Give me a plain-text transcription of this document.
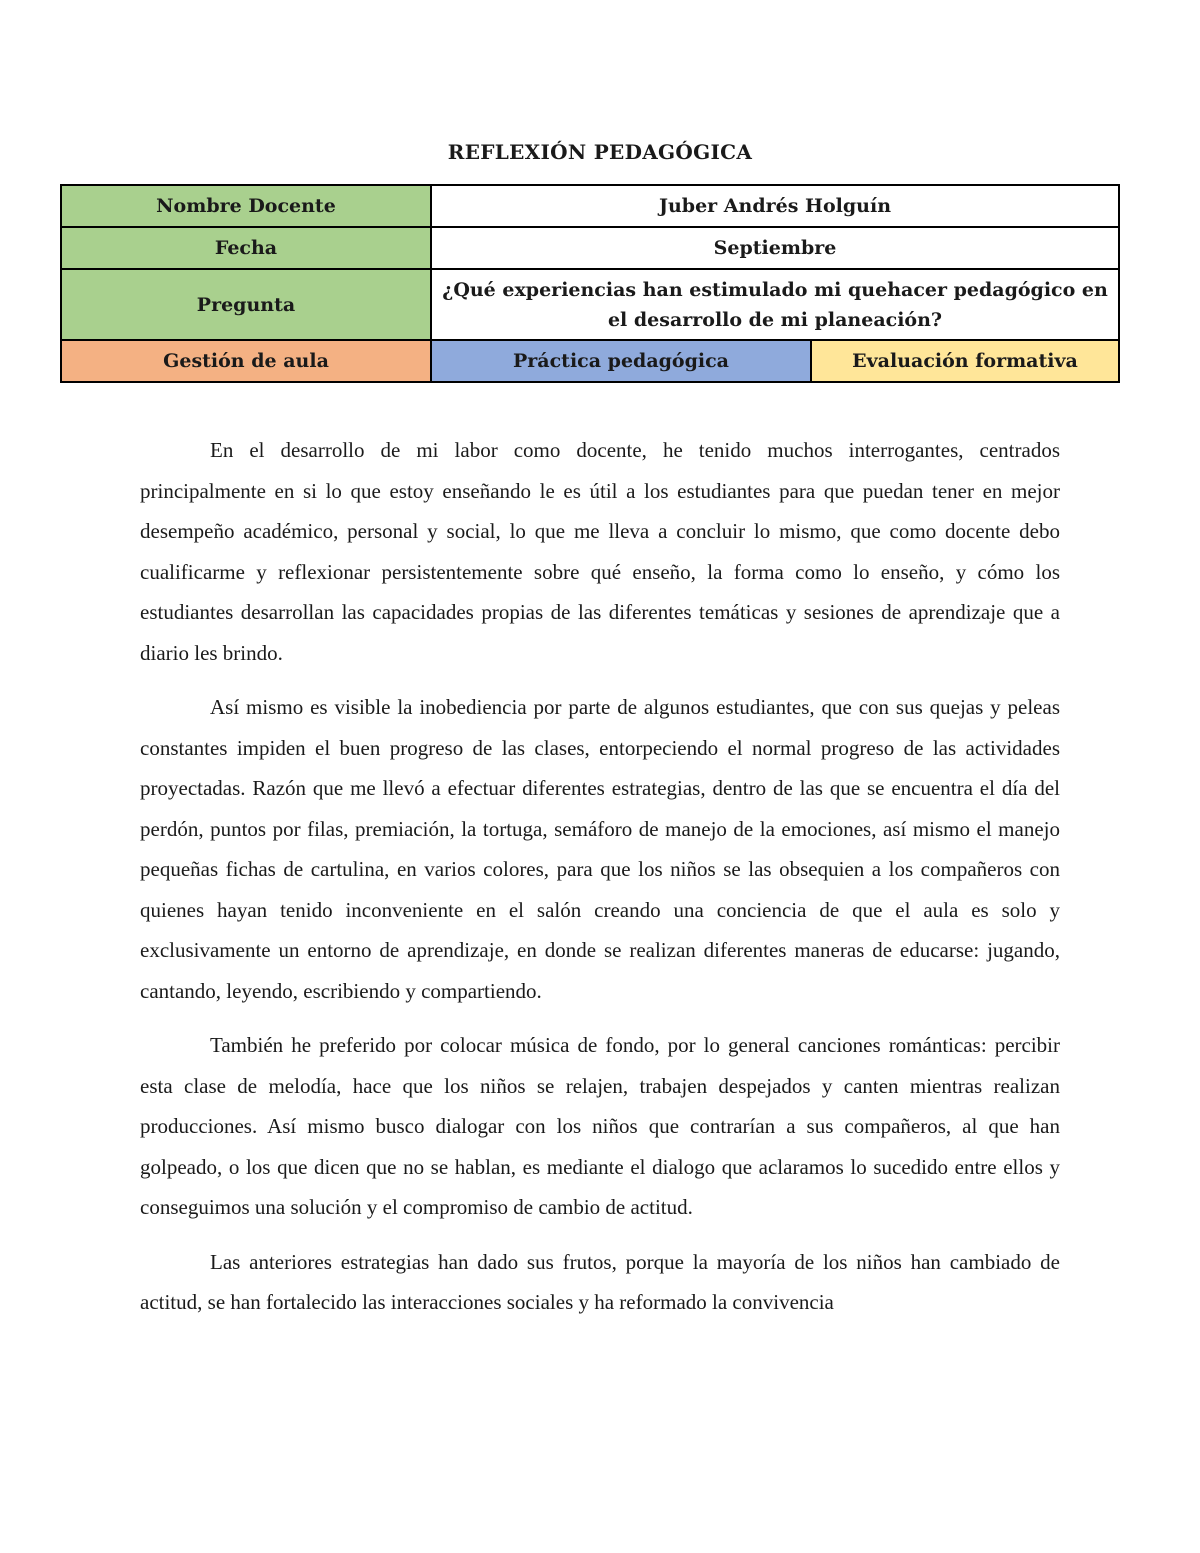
REFLEXIÓN PEDAGÓGICA
Nombre Docente	Juber Andrés Holguín	
Fecha	Septiembre	
Pregunta	¿Qué experiencias han estimulado mi quehacer pedagógico en el desarrollo de mi planeación?	
Gestión de aula	Práctica pedagógica	Evaluación formativa

En el desarrollo de mi labor como docente, he tenido muchos interrogantes, centrados principalmente en si lo que estoy enseñando le es útil a los estudiantes para que puedan tener en mejor desempeño académico, personal y social, lo que me lleva a concluir lo mismo, que como docente debo cualificarme y reflexionar persistentemente sobre qué enseño, la forma como lo enseño, y cómo los estudiantes desarrollan las capacidades propias de las diferentes temáticas y sesiones de aprendizaje que a diario les brindo.

Así mismo es visible la inobediencia por parte de algunos estudiantes, que con sus quejas y peleas constantes impiden el buen progreso de las clases, entorpeciendo el normal progreso de las actividades proyectadas. Razón que me llevó a efectuar diferentes estrategias, dentro de las que se encuentra el día del perdón, puntos por filas, premiación, la tortuga, semáforo de manejo de la emociones, así mismo el manejo pequeñas fichas de cartulina, en varios colores, para que los niños se las obsequien a los compañeros con quienes hayan tenido inconveniente en el salón creando una conciencia de que el aula es solo y exclusivamente un entorno de aprendizaje, en donde se realizan diferentes maneras de educarse: jugando, cantando, leyendo, escribiendo y compartiendo.

También he preferido por colocar música de fondo, por lo general canciones románticas: percibir esta clase de melodía, hace que los niños se relajen, trabajen despejados y canten mientras realizan producciones. Así mismo busco dialogar con los niños que contrarían a sus compañeros, al que han golpeado, o los que dicen que no se hablan, es mediante el dialogo que aclaramos lo sucedido entre ellos y conseguimos una solución y el compromiso de cambio de actitud.

Las anteriores estrategias han dado sus frutos, porque la mayoría de los niños han cambiado de actitud, se han fortalecido las interacciones sociales y ha reformado la convivencia
